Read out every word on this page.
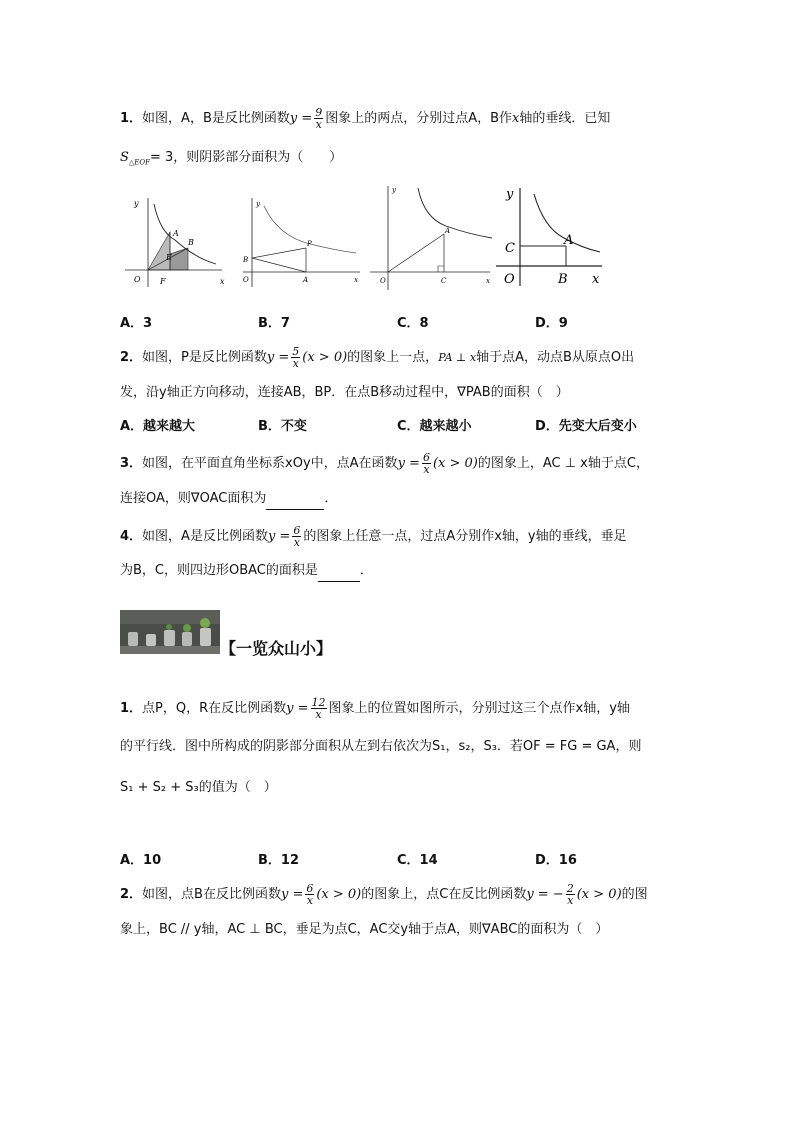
1．如图，A，B是反比例函数$y = \frac{9}{x}$ 图象上的两点，分别过点A，B作x轴的垂线．已知
$S_{\triangle EOF}= 3$，则阴影部分面积为（　　）
y
A
E
B
O F	x
y
P
B
O	A	x
y
A
O	C	x
y
C
A
O	B x
A．3	B．7	C．8	D．9
2．如图，P是反比例函数$y = \frac{5}{x} (x > 0)$的图象上一点，PA ⊥ x轴于点A，动点B从原点O出
发，沿y轴正方向移动，连接AB，BP．在点B移动过程中，∇PAB的面积（　）
A．越来越大	B．不变	C．越来越小	D．先变大后变小
3．如图，在平面直角坐标系xOy中，点A在函数$y = \frac{6}{x} (x > 0)$的图象上，AC ⊥ x轴于点C，
连接OA，则∇OAC面积为	．
4．如图，A是反比例函数$y = \frac{6}{x}$ 的图象上任意一点，过点A分别作x轴，y轴的垂线，垂足
为B，C，则四边形OBAC的面积是	．
【一览众山小】
1．点P，Q，R在反比例函数$y = \frac{12}{x}$ 图象上的位置如图所示，分别过这三个点作x轴，y轴
的平行线．图中所构成的阴影部分面积从左到右依次为S₁，s₂，S₃．若OF = FG = GA，则
S₁ + S₂ + S₃的值为（　）
A．10	B．12	C．14	D．16
2．如图，点B在反比例函数$y = \frac{6}{x} (x > 0)$的图象上，点C在反比例函数y = − $\frac{2}{x} (x > 0)$的图
象上，BC // y轴，AC ⊥ BC，垂足为点C，AC交y轴于点A，则∇ABC的面积为（　）
